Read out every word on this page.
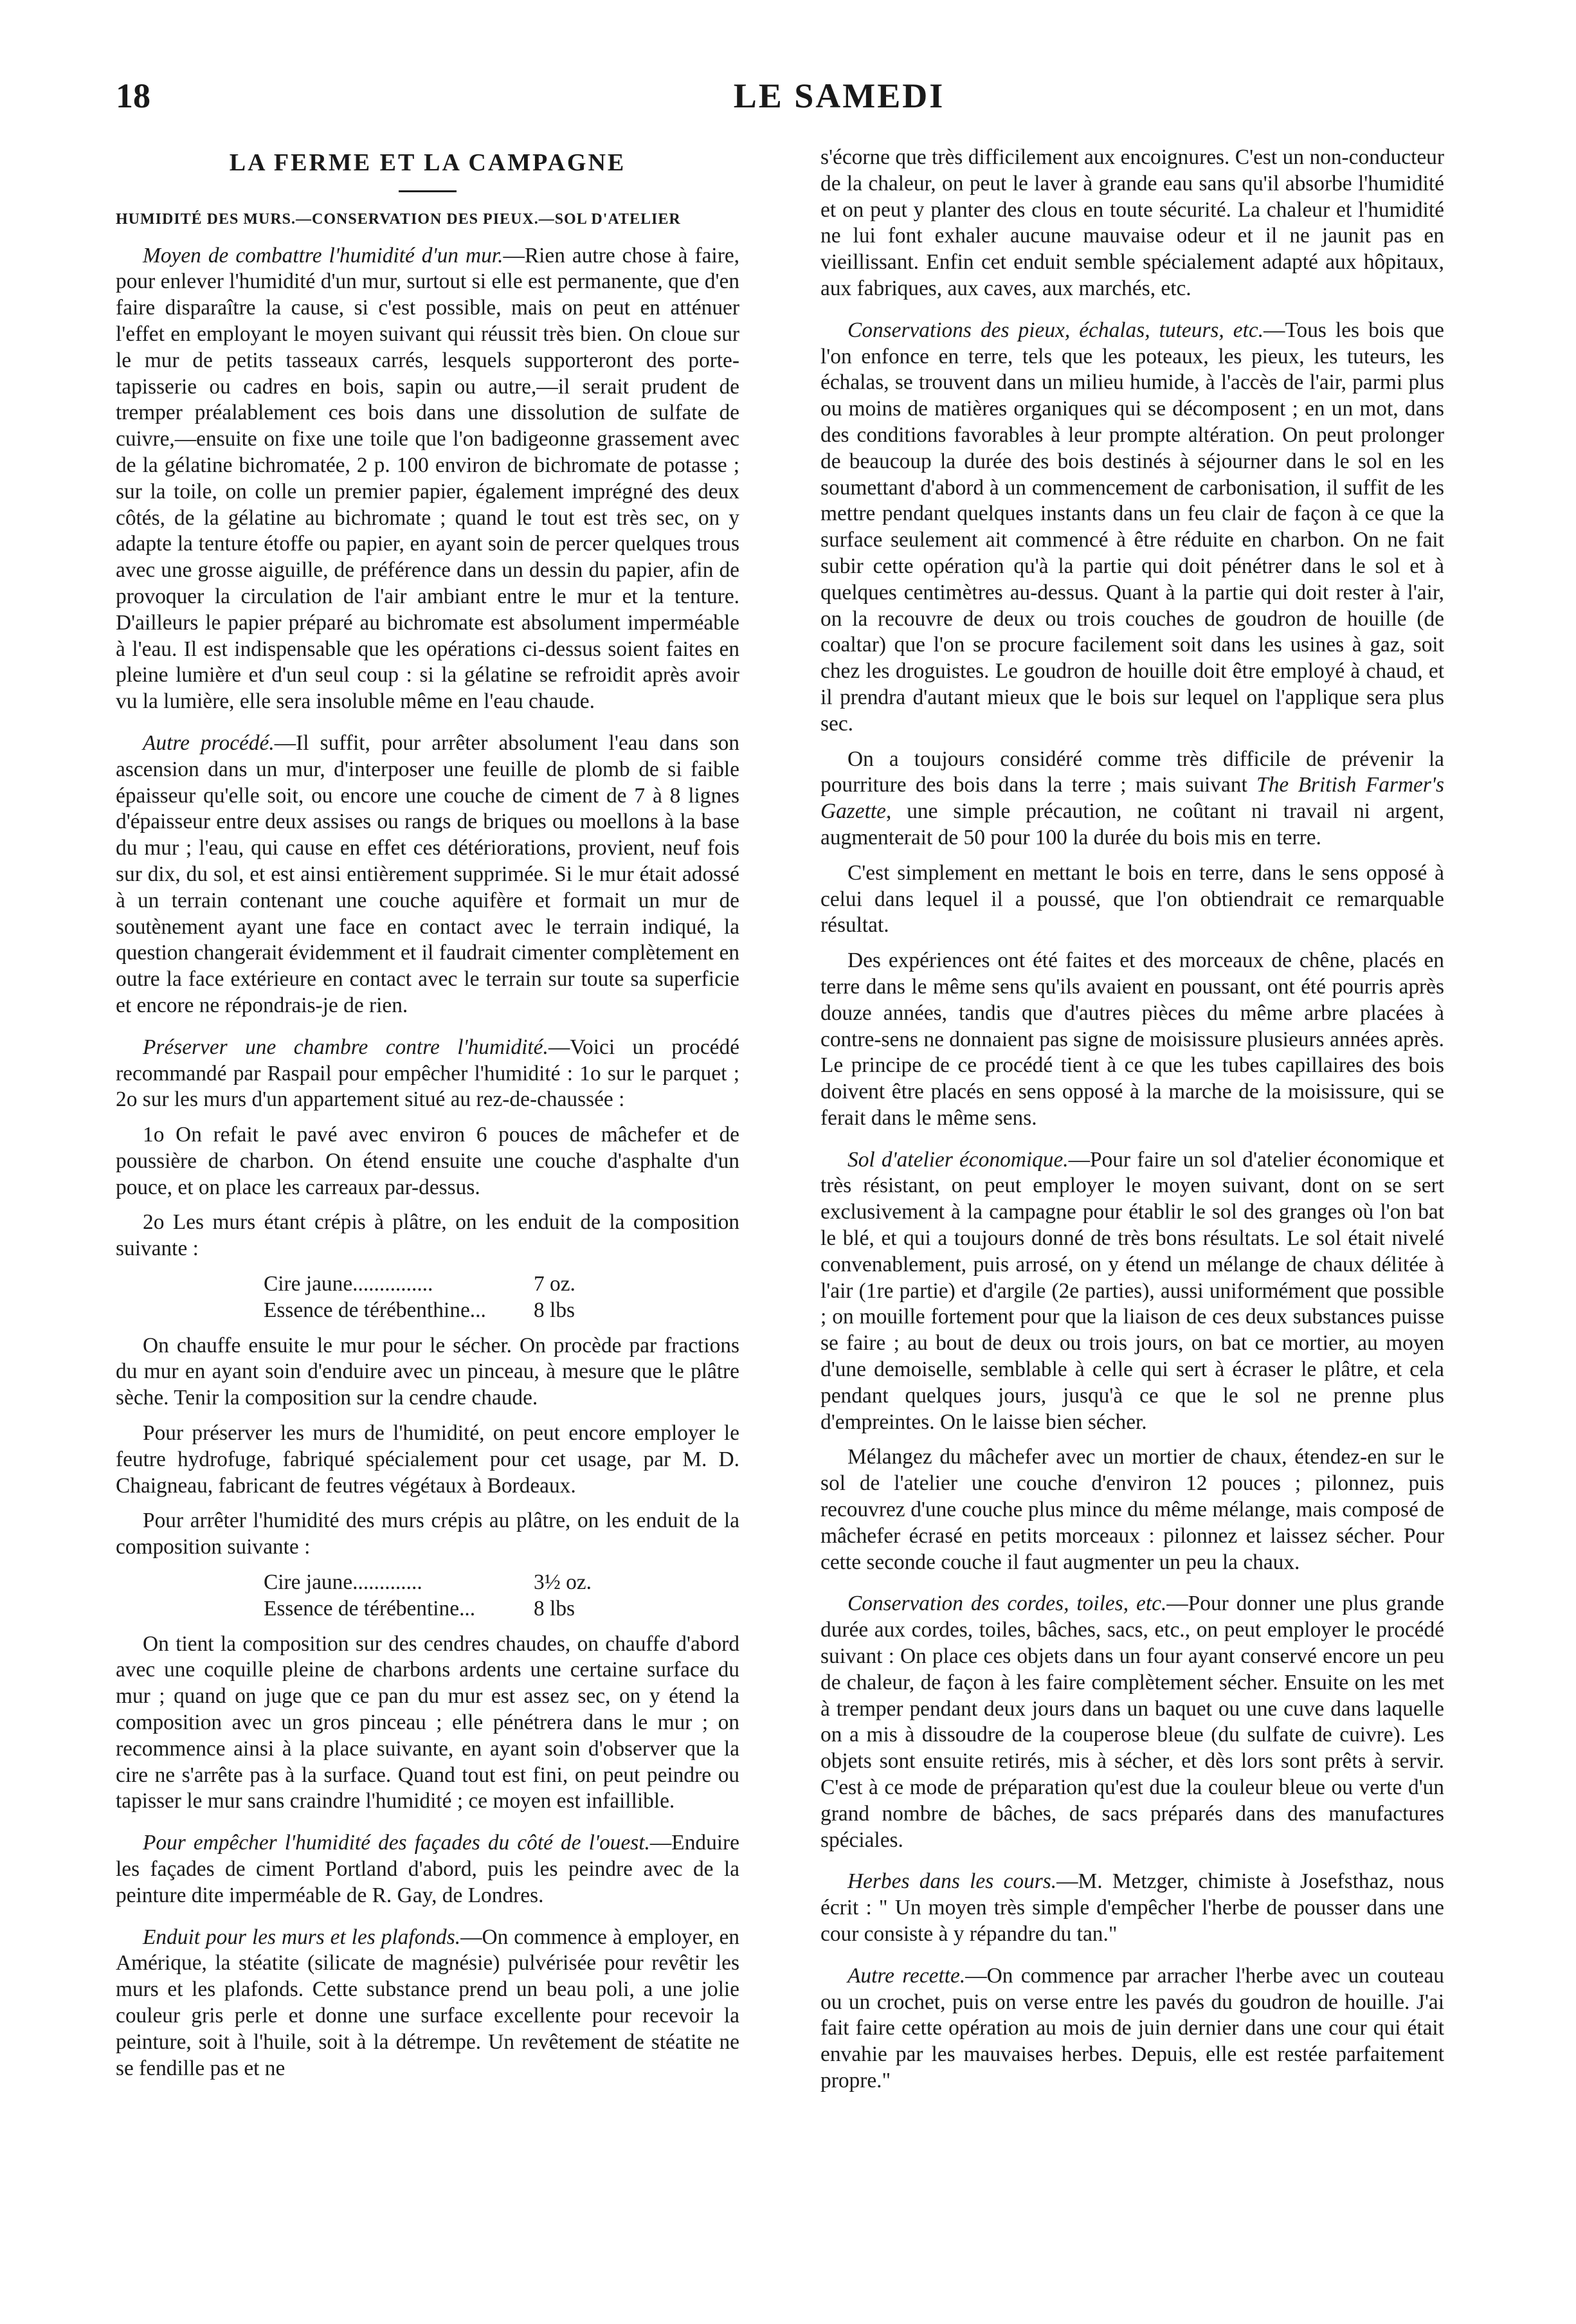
18	LE SAMEDI
LA FERME ET LA CAMPAGNE
HUMIDITÉ DES MURS.—CONSERVATION DES PIEUX.—SOL D'ATELIER

Moyen de combattre l'humidité d'un mur.—Rien autre chose à faire, pour enlever l'humidité d'un mur, surtout si elle est permanente, que d'en faire disparaître la cause, si c'est possible, mais on peut en atténuer l'effet en employant le moyen suivant qui réussit très bien. On cloue sur le mur de petits tasseaux carrés, lesquels supporteront des porte-tapisserie ou cadres en bois, sapin ou autre,—il serait prudent de tremper préalablement ces bois dans une dissolution de sulfate de cuivre,—ensuite on fixe une toile que l'on badigeonne grassement avec de la gélatine bichromatée, 2 p. 100 environ de bichromate de potasse ; sur la toile, on colle un premier papier, également imprégné des deux côtés, de la gélatine au bichromate ; quand le tout est très sec, on y adapte la tenture étoffe ou papier, en ayant soin de percer quelques trous avec une grosse aiguille, de préférence dans un dessin du papier, afin de provoquer la circulation de l'air ambiant entre le mur et la tenture. D'ailleurs le papier préparé au bichromate est absolument imperméable à l'eau. Il est indispensable que les opérations ci-dessus soient faites en pleine lumière et d'un seul coup : si la gélatine se refroidit après avoir vu la lumière, elle sera insoluble même en l'eau chaude.

Autre procédé.—Il suffit, pour arrêter absolument l'eau dans son ascension dans un mur, d'interposer une feuille de plomb de si faible épaisseur qu'elle soit, ou encore une couche de ciment de 7 à 8 lignes d'épaisseur entre deux assises ou rangs de briques ou moellons à la base du mur ; l'eau, qui cause en effet ces détériorations, provient, neuf fois sur dix, du sol, et est ainsi entièrement supprimée. Si le mur était adossé à un terrain contenant une couche aquifère et formait un mur de soutènement ayant une face en contact avec le terrain indiqué, la question changerait évidemment et il faudrait cimenter complètement en outre la face extérieure en contact avec le terrain sur toute sa superficie et encore ne répondrais-je de rien.

Préserver une chambre contre l'humidité.—Voici un procédé recommandé par Raspail pour empêcher l'humidité : 1o sur le parquet ; 2o sur les murs d'un appartement situé au rez-de-chaussée :

1o On refait le pavé avec environ 6 pouces de mâchefer et de poussière de charbon. On étend ensuite une couche d'asphalte d'un pouce, et on place les carreaux par-dessus.

2o Les murs étant crépis à plâtre, on les enduit de la composition suivante :

Cire jaune...............	7 oz.
Essence de térébenthine... 8 lbs

On chauffe ensuite le mur pour le sécher. On procède par fractions du mur en ayant soin d'enduire avec un pinceau, à mesure que le plâtre sèche. Tenir la composition sur la cendre chaude.

Pour préserver les murs de l'humidité, on peut encore employer le feutre hydrofuge, fabriqué spécialement pour cet usage, par M. D. Chaigneau, fabricant de feutres végétaux à Bordeaux.

Pour arrêter l'humidité des murs crépis au plâtre, on les enduit de la composition suivante :

Cire jaune.............	3½ oz.
Essence de térébentine...	8 lbs

On tient la composition sur des cendres chaudes, on chauffe d'abord avec une coquille pleine de charbons ardents une certaine surface du mur ; quand on juge que ce pan du mur est assez sec, on y étend la composition avec un gros pinceau ; elle pénétrera dans le mur ; on recommence ainsi à la place suivante, en ayant soin d'observer que la cire ne s'arrête pas à la surface. Quand tout est fini, on peut peindre ou tapisser le mur sans craindre l'humidité ; ce moyen est infaillible.

Pour empêcher l'humidité des façades du côté de l'ouest.—Enduire les façades de ciment Portland d'abord, puis les peindre avec de la peinture dite imperméable de R. Gay, de Londres.

Enduit pour les murs et les plafonds.—On commence à employer, en Amérique, la stéatite (silicate de magnésie) pulvérisée pour revêtir les murs et les plafonds. Cette substance prend un beau poli, a une jolie couleur gris perle et donne une surface excellente pour recevoir la peinture, soit à l'huile, soit à la détrempe. Un revêtement de stéatite ne se fendille pas et ne

s'écorne que très difficilement aux encoignures. C'est un non-conducteur de la chaleur, on peut le laver à grande eau sans qu'il absorbe l'humidité et on peut y planter des clous en toute sécurité. La chaleur et l'humidité ne lui font exhaler aucune mauvaise odeur et il ne jaunit pas en vieillissant. Enfin cet enduit semble spécialement adapté aux hôpitaux, aux fabriques, aux caves, aux marchés, etc.

Conservations des pieux, échalas, tuteurs, etc.—Tous les bois que l'on enfonce en terre, tels que les poteaux, les pieux, les tuteurs, les échalas, se trouvent dans un milieu humide, à l'accès de l'air, parmi plus ou moins de matières organiques qui se décomposent ; en un mot, dans des conditions favorables à leur prompte altération. On peut prolonger de beaucoup la durée des bois destinés à séjourner dans le sol en les soumettant d'abord à un commencement de carbonisation, il suffit de les mettre pendant quelques instants dans un feu clair de façon à ce que la surface seulement ait commencé à être réduite en charbon. On ne fait subir cette opération qu'à la partie qui doit pénétrer dans le sol et à quelques centimètres au-dessus. Quant à la partie qui doit rester à l'air, on la recouvre de deux ou trois couches de goudron de houille (de coaltar) que l'on se procure facilement soit dans les usines à gaz, soit chez les droguistes. Le goudron de houille doit être employé à chaud, et il prendra d'autant mieux que le bois sur lequel on l'applique sera plus sec.

On a toujours considéré comme très difficile de prévenir la pourriture des bois dans la terre ; mais suivant The British Farmer's Gazette, une simple précaution, ne coûtant ni travail ni argent, augmenterait de 50 pour 100 la durée du bois mis en terre.

C'est simplement en mettant le bois en terre, dans le sens opposé à celui dans lequel il a poussé, que l'on obtiendrait ce remarquable résultat.

Des expériences ont été faites et des morceaux de chêne, placés en terre dans le même sens qu'ils avaient en poussant, ont été pourris après douze années, tandis que d'autres pièces du même arbre placées à contre-sens ne donnaient pas signe de moisissure plusieurs années après. Le principe de ce procédé tient à ce que les tubes capillaires des bois doivent être placés en sens opposé à la marche de la moisissure, qui se ferait dans le même sens.

Sol d'atelier économique.—Pour faire un sol d'atelier économique et très résistant, on peut employer le moyen suivant, dont on se sert exclusivement à la campagne pour établir le sol des granges où l'on bat le blé, et qui a toujours donné de très bons résultats. Le sol était nivelé convenablement, puis arrosé, on y étend un mélange de chaux délitée à l'air (1re partie) et d'argile (2e parties), aussi uniformément que possible ; on mouille fortement pour que la liaison de ces deux substances puisse se faire ; au bout de deux ou trois jours, on bat ce mortier, au moyen d'une demoiselle, semblable à celle qui sert à écraser le plâtre, et cela pendant quelques jours, jusqu'à ce que le sol ne prenne plus d'empreintes. On le laisse bien sécher.

Mélangez du mâchefer avec un mortier de chaux, étendez-en sur le sol de l'atelier une couche d'environ 12 pouces ; pilonnez, puis recouvrez d'une couche plus mince du même mélange, mais composé de mâchefer écrasé en petits morceaux : pilonnez et laissez sécher. Pour cette seconde couche il faut augmenter un peu la chaux.

Conservation des cordes, toiles, etc.—Pour donner une plus grande durée aux cordes, toiles, bâches, sacs, etc., on peut employer le procédé suivant : On place ces objets dans un four ayant conservé encore un peu de chaleur, de façon à les faire complètement sécher. Ensuite on les met à tremper pendant deux jours dans un baquet ou une cuve dans laquelle on a mis à dissoudre de la couperose bleue (du sulfate de cuivre). Les objets sont ensuite retirés, mis à sécher, et dès lors sont prêts à servir. C'est à ce mode de préparation qu'est due la couleur bleue ou verte d'un grand nombre de bâches, de sacs préparés dans des manufactures spéciales.

Herbes dans les cours.—M. Metzger, chimiste à Josefsthaz, nous écrit : " Un moyen très simple d'empêcher l'herbe de pousser dans une cour consiste à y répandre du tan."

Autre recette.—On commence par arracher l'herbe avec un couteau ou un crochet, puis on verse entre les pavés du goudron de houille. J'ai fait faire cette opération au mois de juin dernier dans une cour qui était envahie par les mauvaises herbes. Depuis, elle est restée parfaitement propre."
